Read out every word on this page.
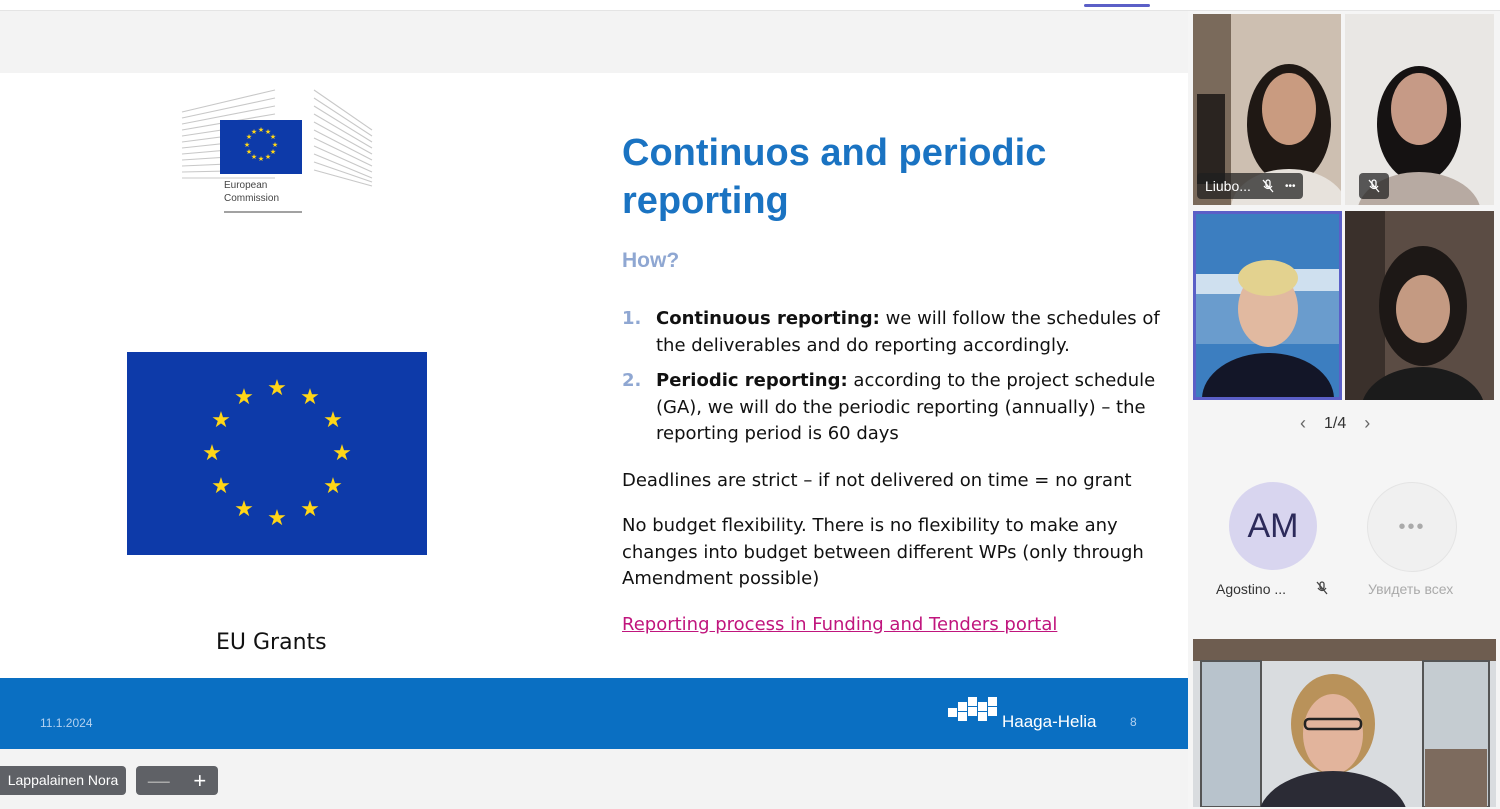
★ ★
★
★
★
★
★
★
★
★
★
★
European
Commission
★ ★
★
★
★
★
★
★
★
★
★
★
EU Grants
Continuos and periodic reporting
How?
1. Continuous reporting: we will follow the schedules of the deliverables and do reporting accordingly.
2. Periodic reporting: according to the project schedule (GA), we will do the periodic reporting (annually) – the reporting period is 60 days

Deadlines are strict – if not delivered on time = no grant

No budget flexibility. There is no flexibility to make any changes into budget between different WPs (only through Amendment possible)

Reporting process in Funding and Tenders portal
11.1.2024	Haaga-Helia	8
Lappalainen Nora	— +
Liubo...	•••
‹ 1/4 ›
AM
Agostino ...
•••
Увидеть всех
